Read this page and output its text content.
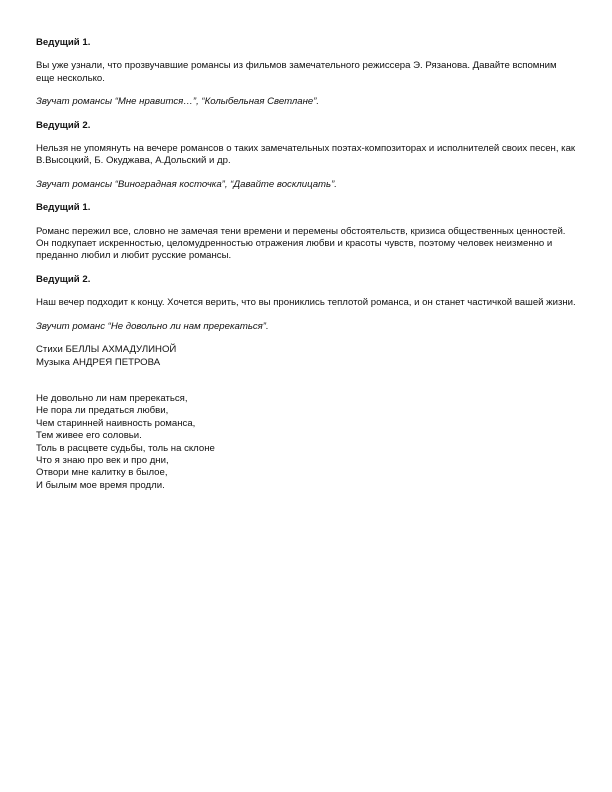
Ведущий 1.
Вы уже узнали, что прозвучавшие романсы из фильмов замечательного режиссера Э. Рязанова. Давайте вспомним еще несколько.
Звучат романсы “Мне нравится…”, “Колыбельная Светлане”.
Ведущий 2.
Нельзя не упомянуть на вечере романсов о таких замечательных поэтах-композиторах и исполнителей своих песен, как В.Высоцкий, Б. Окуджава, А.Дольский и др.
Звучат романсы “Виноградная косточка”, “Давайте восклицать”.
Ведущий 1.
Романс пережил все, словно не замечая тени времени и перемены обстоятельств, кризиса общественных ценностей. Он подкупает искренностью, целомудренностью отражения любви и красоты чувств, поэтому человек неизменно и преданно любил и любит русские романсы.
Ведущий 2.
Наш вечер подходит к концу. Хочется верить, что вы прониклись теплотой романса, и он станет частичкой вашей жизни.
Звучит романс “Не довольно ли нам пререкаться”.
Стихи БЕЛЛЫ АХМАДУЛИНОЙ
Музыка АНДРЕЯ ПЕТРОВА
Не довольно ли нам пререкаться,
Не пора ли предаться любви,
Чем старинней наивность романса,
Тем живее его соловьи.
Толь в расцвете судьбы, толь на склоне
Что я знаю про век и про дни,
Отвори мне калитку в былое,
И былым мое время продли.
